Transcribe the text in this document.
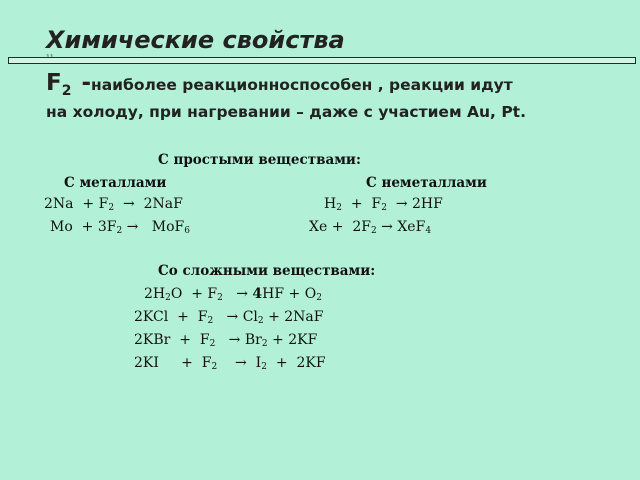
Химические свойства
F2 -наиболее реакционноспособен , реакции идут
на холоду, при нагревании – даже с участием Au, Pt.
С простыми веществами:
С металлами	С неметаллами
$2Na + F_2 \to 2NaF$	$H_2 + F_2 \to 2HF$
$Mo + 3F_2 \to MoF_6$	$Xe + 2F_2 \to XeF_4$
Со сложными веществами:
$2H_2O + F_2 \to 4HF + O_2$
$2KCl + F_2 \to Cl_2 + 2NaF$
$2KBr + F_2 \to Br_2 + 2KF$
2KI     +  $F_2$    →  $I_2 + 2KF$
